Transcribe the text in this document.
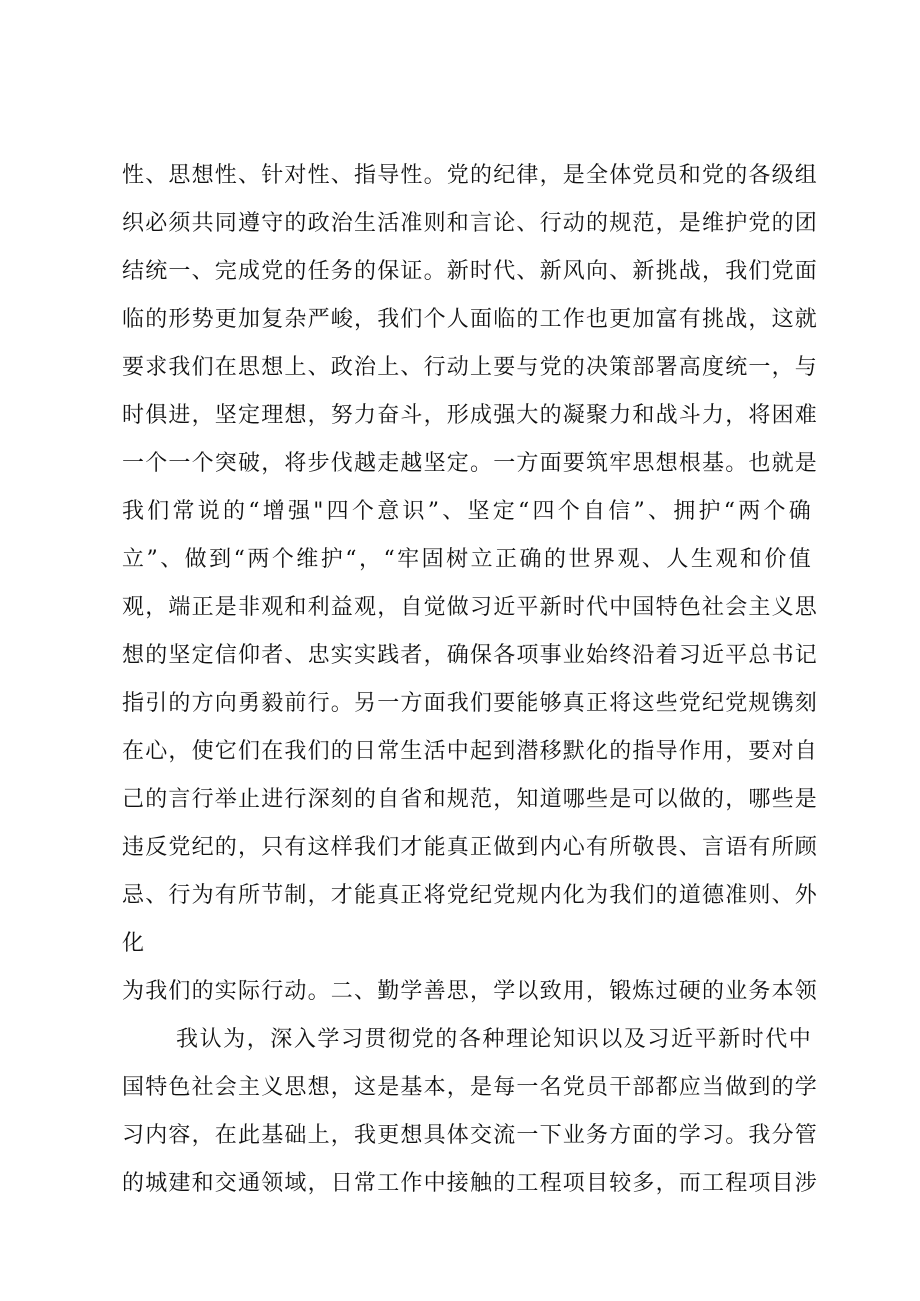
性、思想性、针对性、指导性。党的纪律，是全体党员和党的各级组
织必须共同遵守的政治生活准则和言论、行动的规范，是维护党的团
结统一、完成党的任务的保证。新时代、新风向、新挑战，我们党面
临的形势更加复杂严峻，我们个人面临的工作也更加富有挑战，这就
要求我们在思想上、政治上、行动上要与党的决策部署高度统一，与
时俱进，坚定理想，努力奋斗，形成强大的凝聚力和战斗力，将困难
一个一个突破，将步伐越走越坚定。一方面要筑牢思想根基。也就是
我们常说的“增强"四个意识”、坚定“四个自信”、拥护“两个确
立”、做到“两个维护“，“牢固树立正确的世界观、人生观和价值
观，端正是非观和利益观，自觉做习近平新时代中国特色社会主义思
想的坚定信仰者、忠实实践者，确保各项事业始终沿着习近平总书记
指引的方向勇毅前行。另一方面我们要能够真正将这些党纪党规镌刻
在心，使它们在我们的日常生活中起到潜移默化的指导作用，要对自
己的言行举止进行深刻的自省和规范，知道哪些是可以做的，哪些是
违反党纪的，只有这样我们才能真正做到内心有所敬畏、言语有所顾
忌、行为有所节制，才能真正将党纪党规内化为我们的道德准则、外
化
为我们的实际行动。二、勤学善思，学以致用，锻炼过硬的业务本领
我认为，深入学习贯彻党的各种理论知识以及习近平新时代中
国特色社会主义思想，这是基本，是每一名党员干部都应当做到的学
习内容，在此基础上，我更想具体交流一下业务方面的学习。我分管
的城建和交通领域，日常工作中接触的工程项目较多，而工程项目涉
